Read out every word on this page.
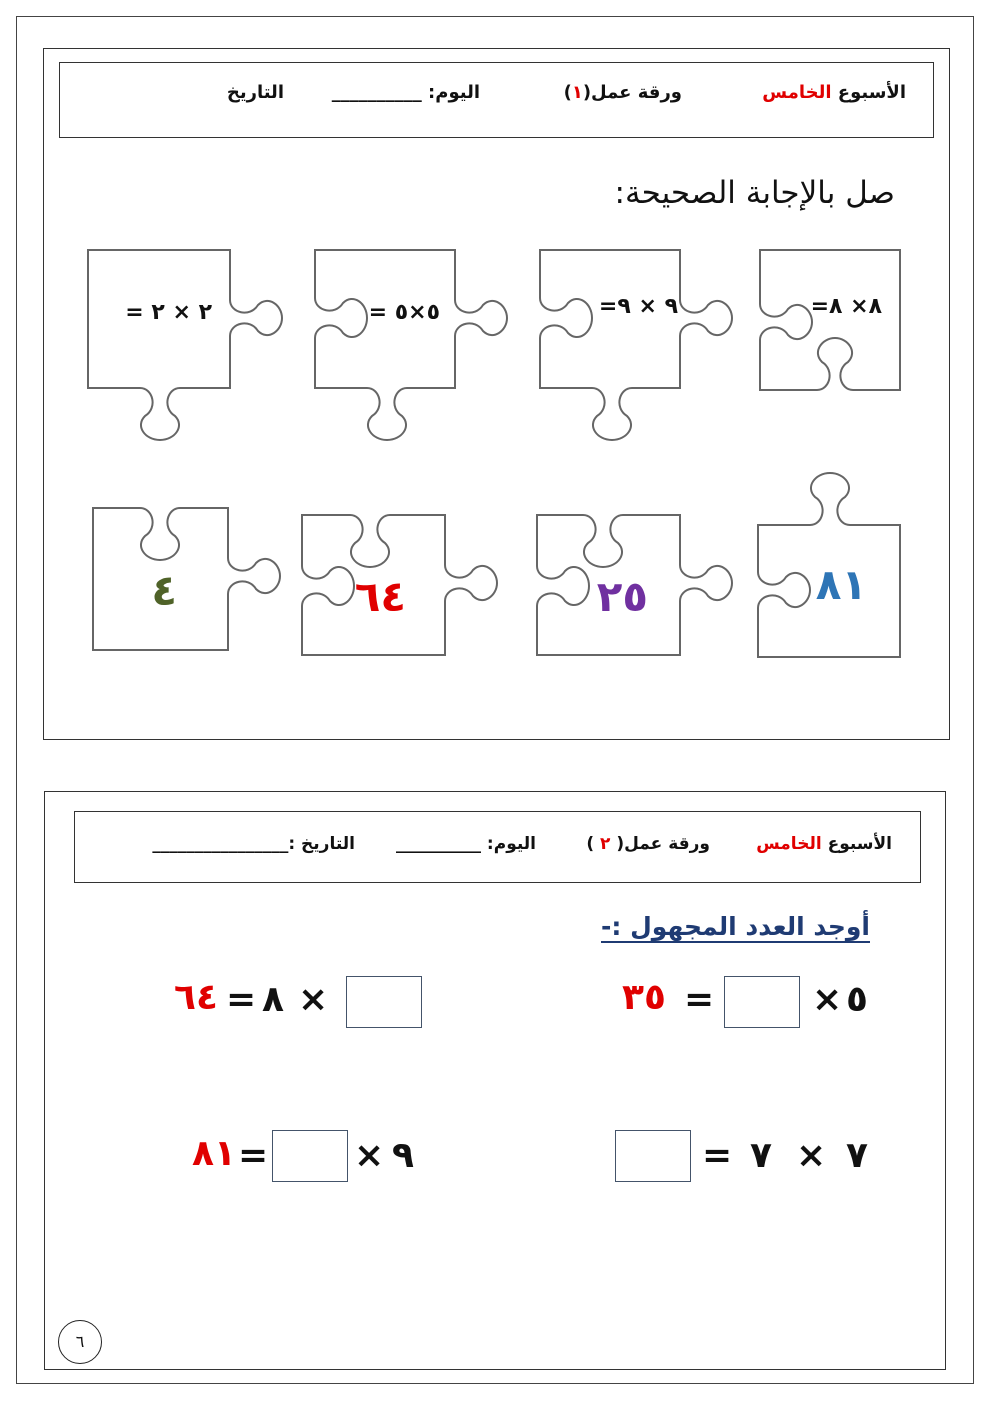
الأسبوع الخامس
ورقة عمل(١)
اليوم: __________
التاريخ
صل بالإجابة الصحيحة:
٨× ٨=
٩ × ٩=
٥×٥ =
٢ × ٢ =
٨١
٢٥
٦٤
٤
الأسبوع الخامس
ورقة عمل( ٢ )
اليوم: __________
التاريخ :________________
أوجد العدد المجهول :-
٥
×
=
٣٥
×
٨
=
٦٤
٧
×
٧
=
٩
×
=
٨١
٦
